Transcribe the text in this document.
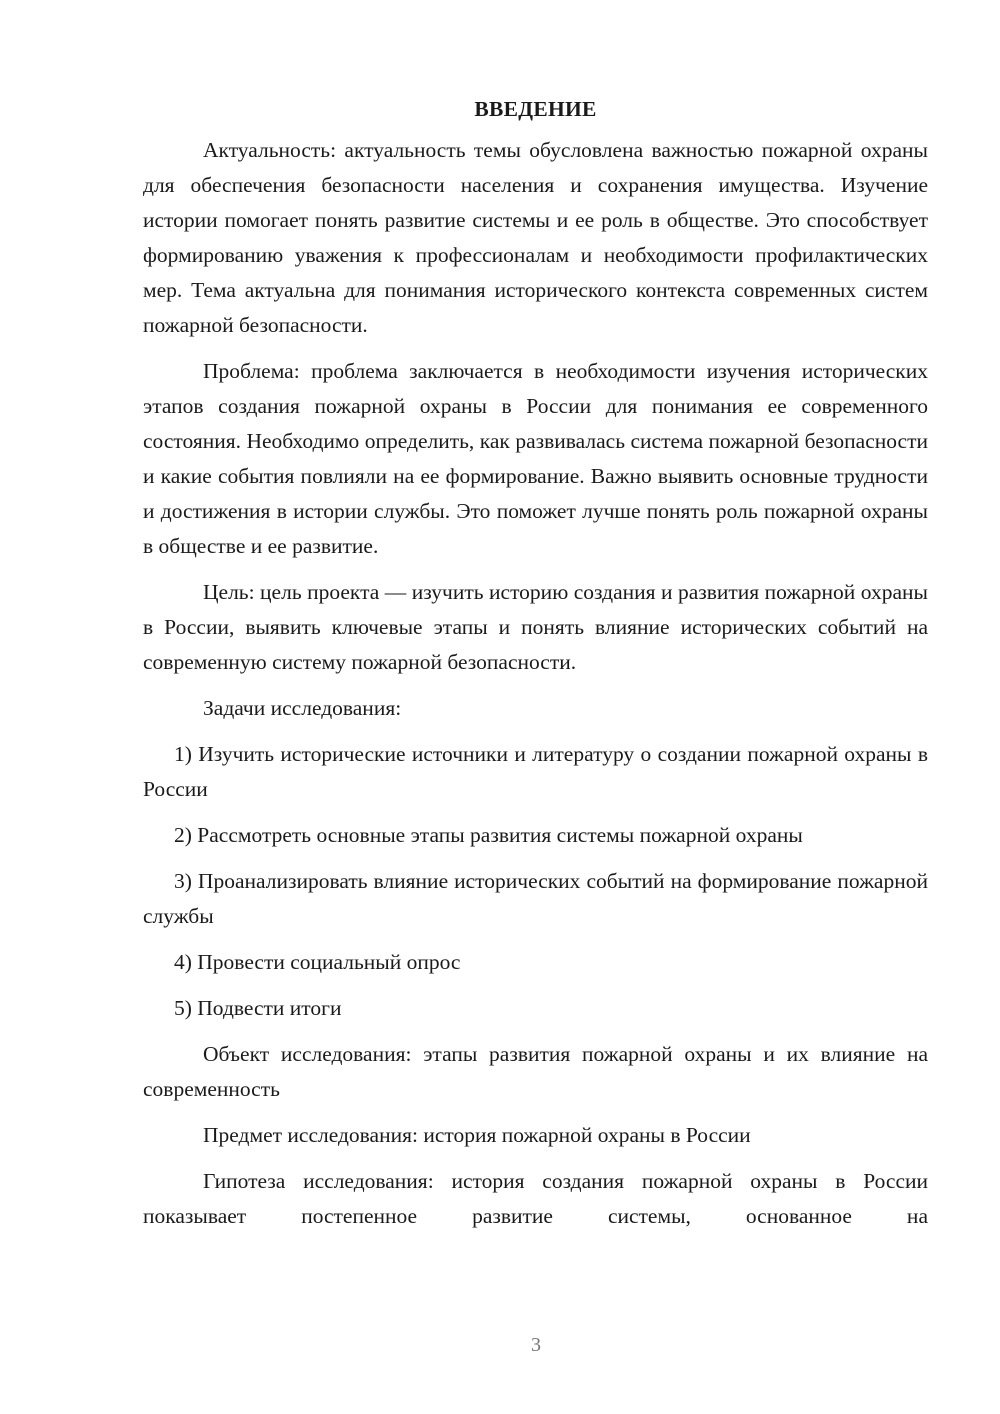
ВВЕДЕНИЕ

Актуальность: актуальность темы обусловлена важностью пожарной охраны для обеспечения безопасности населения и сохранения имущества. Изучение истории помогает понять развитие системы и ее роль в обществе. Это способствует формированию уважения к профессионалам и необходимости профилактических мер. Тема актуальна для понимания исторического контекста современных систем пожарной безопасности.

Проблема: проблема заключается в необходимости изучения исторических этапов создания пожарной охраны в России для понимания ее современного состояния. Необходимо определить, как развивалась система пожарной безопасности и какие события повлияли на ее формирование. Важно выявить основные трудности и достижения в истории службы. Это поможет лучше понять роль пожарной охраны в обществе и ее развитие.

Цель: цель проекта — изучить историю создания и развития пожарной охраны в России, выявить ключевые этапы и понять влияние исторических событий на современную систему пожарной безопасности.

Задачи исследования:

1) Изучить исторические источники и литературу о создании пожарной охраны в России

2) Рассмотреть основные этапы развития системы пожарной охраны

3) Проанализировать влияние исторических событий на формирование пожарной службы

4) Провести социальный опрос

5) Подвести итоги

Объект исследования: этапы развития пожарной охраны и их влияние на современность

Предмет исследования: история пожарной охраны в России

Гипотеза исследования: история создания пожарной охраны в России показывает постепенное развитие системы, основанное на

3
